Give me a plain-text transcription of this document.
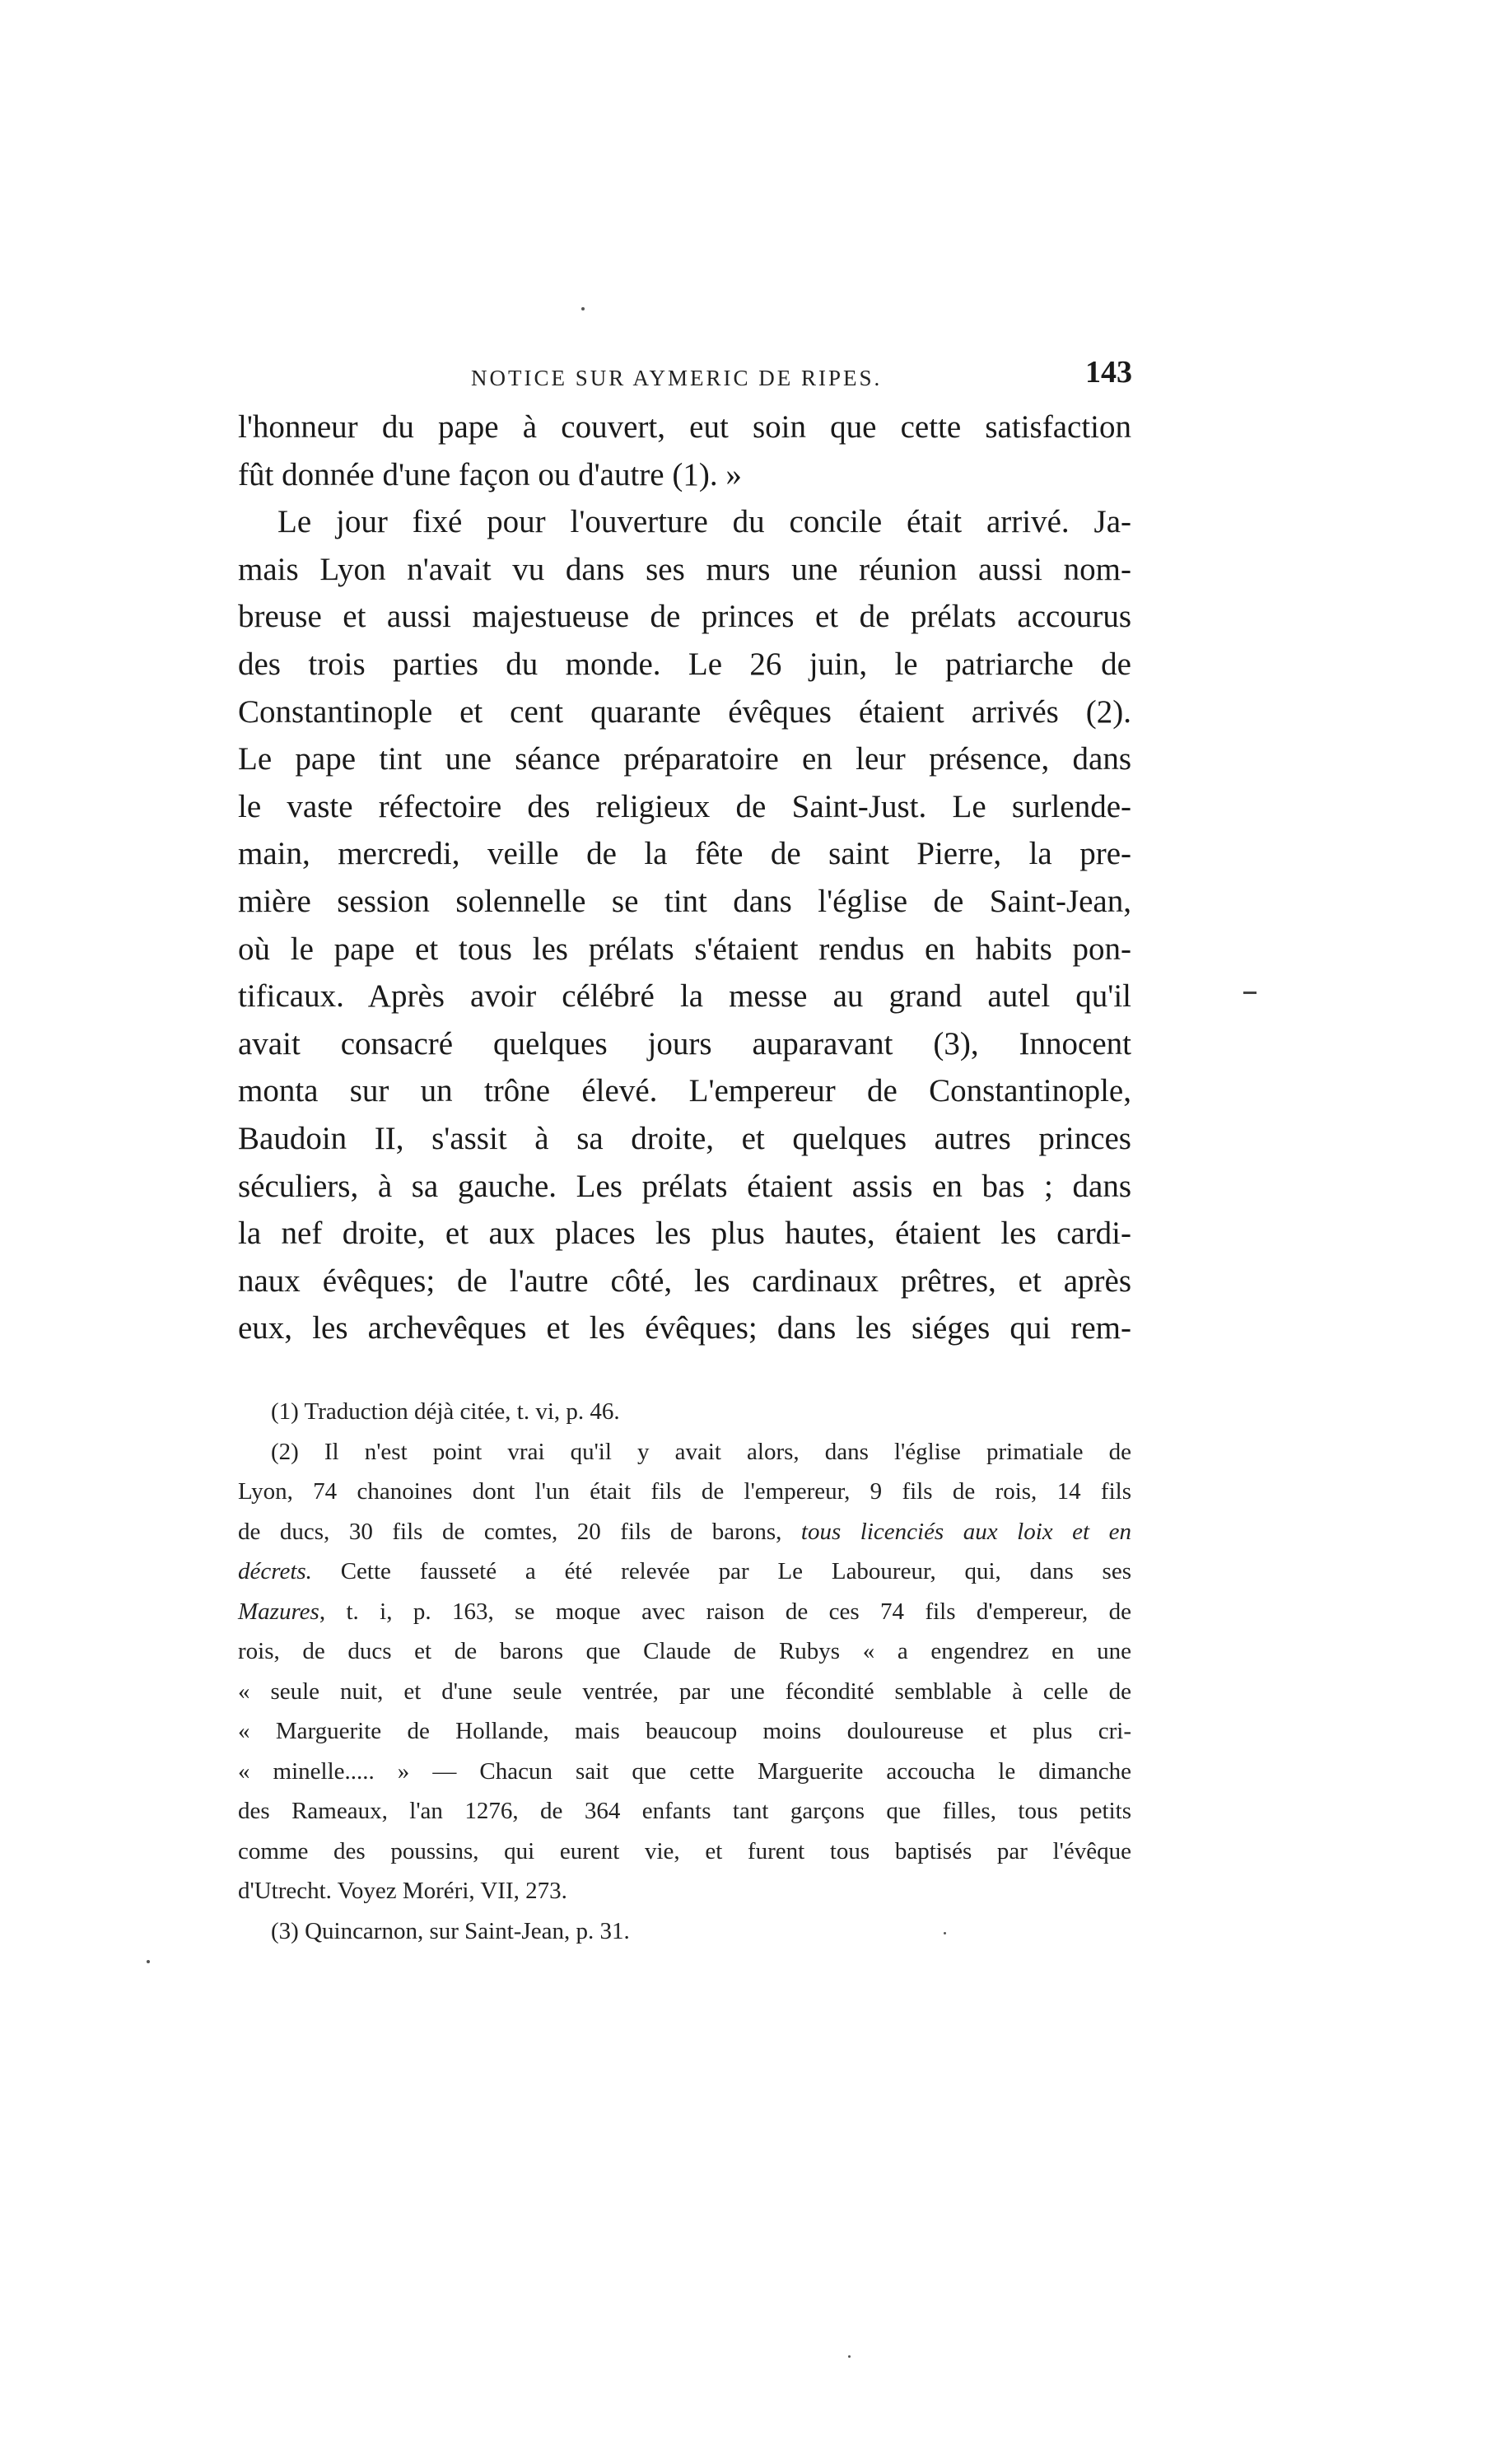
NOTICE SUR AYMERIC DE RIPES.	143
l'honneur du pape à couvert, eut soin que cette satisfaction
fût donnée d'une façon ou d'autre (1). »
Le jour fixé pour l'ouverture du concile était arrivé. Ja-
mais Lyon n'avait vu dans ses murs une réunion aussi nom-
breuse et aussi majestueuse de princes et de prélats accourus
des trois parties du monde. Le 26 juin, le patriarche de
Constantinople et cent quarante évêques étaient arrivés (2).
Le pape tint une séance préparatoire en leur présence, dans
le vaste réfectoire des religieux de Saint-Just. Le surlende-
main, mercredi, veille de la fête de saint Pierre, la pre-
mière session solennelle se tint dans l'église de Saint-Jean,
où le pape et tous les prélats s'étaient rendus en habits pon-
tificaux. Après avoir célébré la messe au grand autel qu'il
avait consacré quelques jours auparavant (3), Innocent
monta sur un trône élevé. L'empereur de Constantinople,
Baudoin II, s'assit à sa droite, et quelques autres princes
séculiers, à sa gauche. Les prélats étaient assis en bas ; dans
la nef droite, et aux places les plus hautes, étaient les cardi-
naux évêques; de l'autre côté, les cardinaux prêtres, et après
eux, les archevêques et les évêques; dans les siéges qui rem-
(1) Traduction déjà citée, t. vi, p. 46.
(2) Il n'est point vrai qu'il y avait alors, dans l'église primatiale de
Lyon, 74 chanoines dont l'un était fils de l'empereur, 9 fils de rois, 14 fils
de ducs, 30 fils de comtes, 20 fils de barons, tous licenciés aux loix et en
décrets. Cette fausseté a été relevée par Le Laboureur, qui, dans ses
Mazures, t. i, p. 163, se moque avec raison de ces 74 fils d'empereur, de
rois, de ducs et de barons que Claude de Rubys « a engendrez en une
« seule nuit, et d'une seule ventrée, par une fécondité semblable à celle de
« Marguerite de Hollande, mais beaucoup moins douloureuse et plus cri-
« minelle..... » — Chacun sait que cette Marguerite accoucha le dimanche
des Rameaux, l'an 1276, de 364 enfants tant garçons que filles, tous petits
comme des poussins, qui eurent vie, et furent tous baptisés par l'évêque
d'Utrecht. Voyez Moréri, VII, 273.
(3) Quincarnon, sur Saint-Jean, p. 31.
